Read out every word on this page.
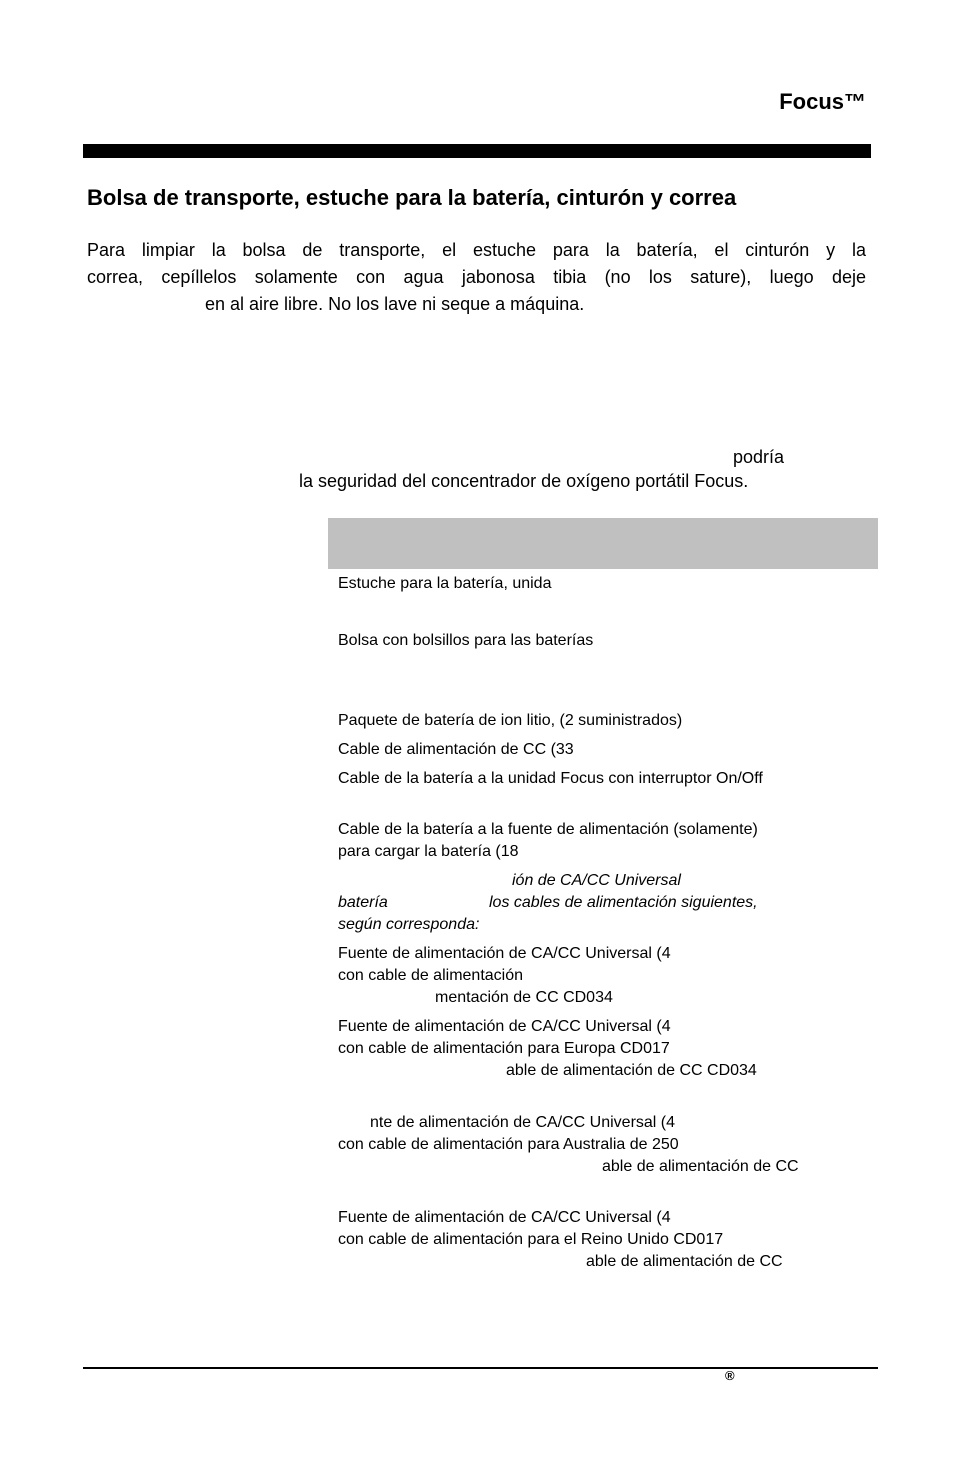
Focus™
Bolsa de transporte, estuche para la batería, cinturón y correa
Para limpiar la bolsa de transporte, el estuche para la batería, el cinturón y la
correa, cepíllelos solamente con agua jabonosa tibia (no los sature), luego deje
en al aire libre. No los lave ni seque a máquina.
podría
la seguridad del concentrador de oxígeno portátil Focus.
Estuche para la batería, unida
Bolsa con bolsillos para las baterías
Paquete de batería de ion litio, (2 suministrados)
Cable de alimentación de CC (33
Cable de la batería a la unidad Focus con interruptor On/Off
Cable de la batería a la fuente de alimentación (solamente)
para cargar la batería (18
ión de CA/CC Universal
batería	los cables de alimentación siguientes,
según corresponda:
Fuente de alimentación de CA/CC Universal (4
con cable de alimentación
mentación de CC CD034
Fuente de alimentación de CA/CC Universal (4
con cable de alimentación para Europa CD017
able de alimentación de CC CD034
nte de alimentación de CA/CC Universal (4
con cable de alimentación para Australia de 250
able de alimentación de CC
Fuente de alimentación de CA/CC Universal (4
con cable de alimentación para el Reino Unido CD017
able de alimentación de CC
®
